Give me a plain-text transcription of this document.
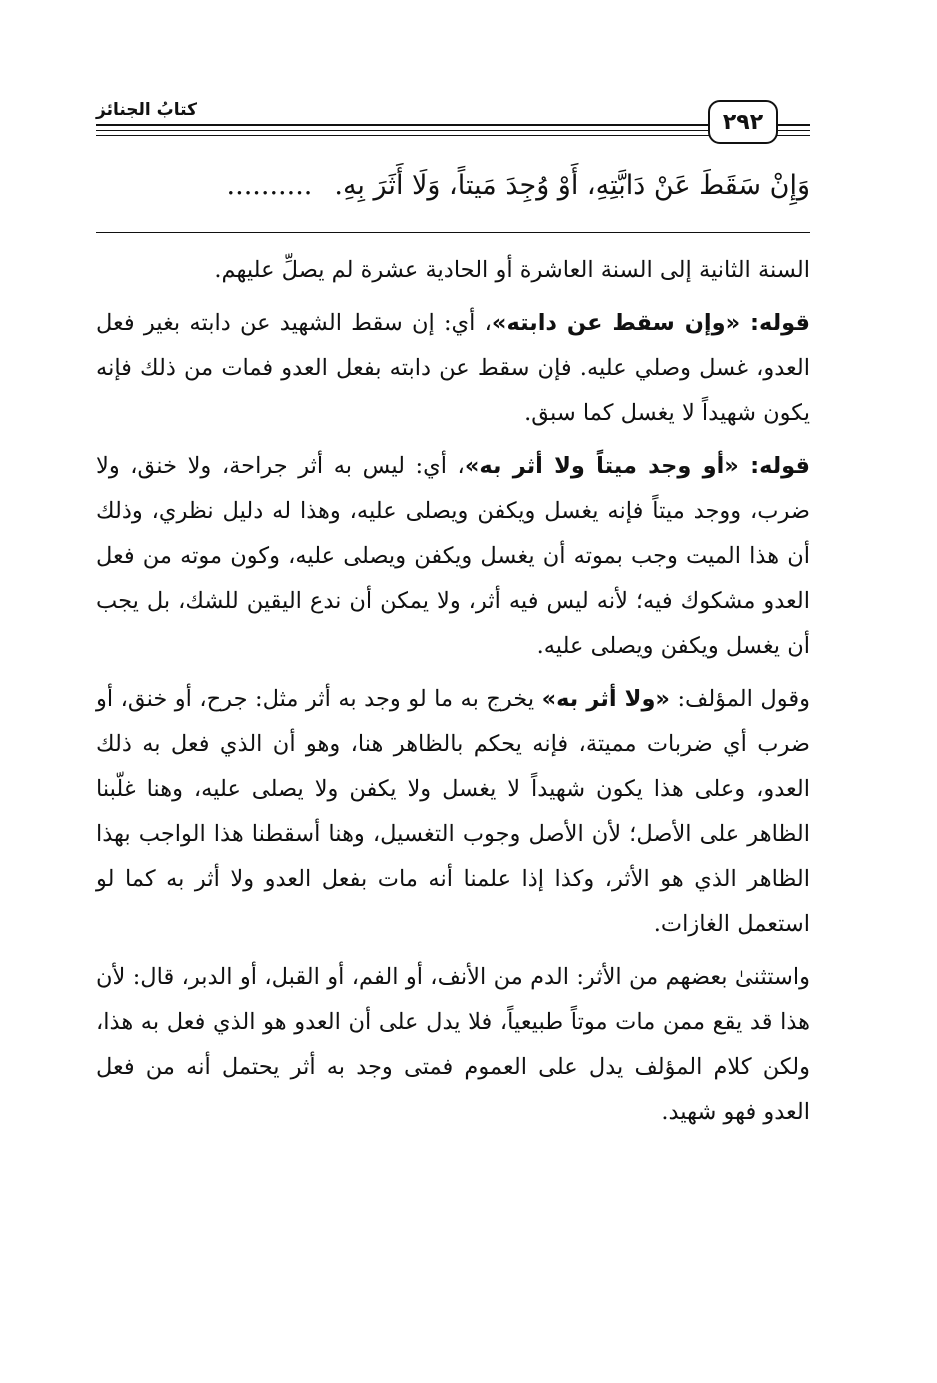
كتابُ الجنائز	٢٩٢
وَإِنْ سَقَطَ عَنْ دَابَّتِهِ، أَوْ وُجِدَ مَيتاً، وَلَا أَثَرَ بِهِ...........

السنة الثانية إلى السنة العاشرة أو الحادية عشرة لم يصلِّ عليهم.

قوله: «وإن سقط عن دابته»، أي: إن سقط الشهيد عن دابته بغير فعل العدو، غسل وصلي عليه. فإن سقط عن دابته بفعل العدو فمات من ذلك فإنه يكون شهيداً لا يغسل كما سبق.

قوله: «أو وجد ميتاً ولا أثر به»، أي: ليس به أثر جراحة، ولا خنق، ولا ضرب، ووجد ميتاً فإنه يغسل ويكفن ويصلى عليه، وهذا له دليل نظري، وذلك أن هذا الميت وجب بموته أن يغسل ويكفن ويصلى عليه، وكون موته من فعل العدو مشكوك فيه؛ لأنه ليس فيه أثر، ولا يمكن أن ندع اليقين للشك، بل يجب أن يغسل ويكفن ويصلى عليه.

وقول المؤلف: «ولا أثر به» يخرج به ما لو وجد به أثر مثل: جرح، أو خنق، أو ضرب أي ضربات مميتة، فإنه يحكم بالظاهر هنا، وهو أن الذي فعل به ذلك العدو، وعلى هذا يكون شهيداً لا يغسل ولا يكفن ولا يصلى عليه، وهنا غلّبنا الظاهر على الأصل؛ لأن الأصل وجوب التغسيل، وهنا أسقطنا هذا الواجب بهذا الظاهر الذي هو الأثر، وكذا إذا علمنا أنه مات بفعل العدو ولا أثر به كما لو استعمل الغازات.

واستثنىٰ بعضهم من الأثر: الدم من الأنف، أو الفم، أو القبل، أو الدبر، قال: لأن هذا قد يقع ممن مات موتاً طبيعياً، فلا يدل على أن العدو هو الذي فعل به هذا، ولكن كلام المؤلف يدل على العموم فمتى وجد به أثر يحتمل أنه من فعل العدو فهو شهيد.
